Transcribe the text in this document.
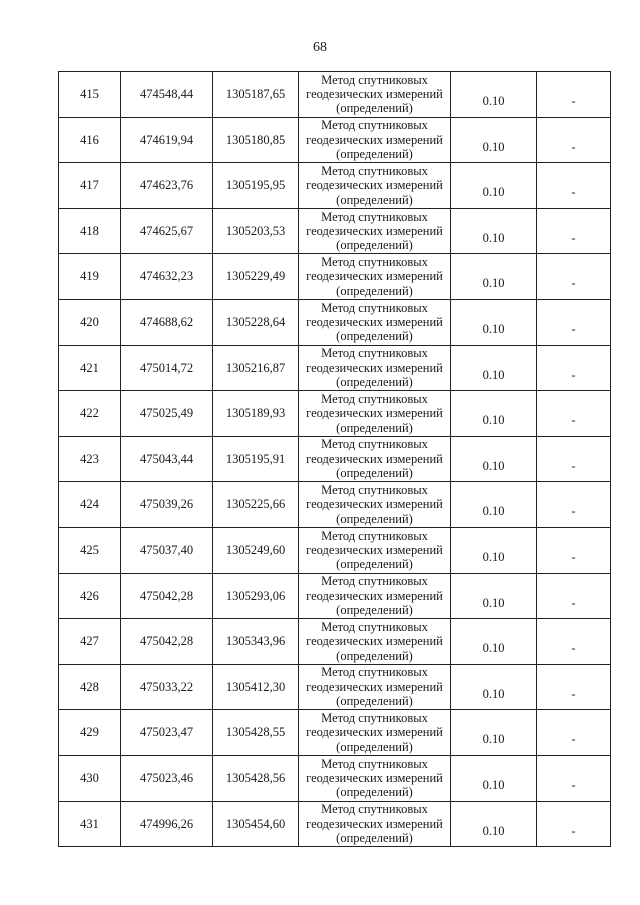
68
415	474548,44	1305187,65	Метод спутниковых
геодезических измерений
(определений)	0.10	-
416	474619,94	1305180,85	Метод спутниковых
геодезических измерений
(определений)	0.10	-
417	474623,76	1305195,95	Метод спутниковых
геодезических измерений
(определений)	0.10	-
418	474625,67	1305203,53	Метод спутниковых
геодезических измерений
(определений)	0.10	-
419	474632,23	1305229,49	Метод спутниковых
геодезических измерений
(определений)	0.10	-
420	474688,62	1305228,64	Метод спутниковых
геодезических измерений
(определений)	0.10	-
421	475014,72	1305216,87	Метод спутниковых
геодезических измерений
(определений)	0.10	-
422	475025,49	1305189,93	Метод спутниковых
геодезических измерений
(определений)	0.10	-
423	475043,44	1305195,91	Метод спутниковых
геодезических измерений
(определений)	0.10	-
424	475039,26	1305225,66	Метод спутниковых
геодезических измерений
(определений)	0.10	-
425	475037,40	1305249,60	Метод спутниковых
геодезических измерений
(определений)	0.10	-
426	475042,28	1305293,06	Метод спутниковых
геодезических измерений
(определений)	0.10	-
427	475042,28	1305343,96	Метод спутниковых
геодезических измерений
(определений)	0.10	-
428	475033,22	1305412,30	Метод спутниковых
геодезических измерений
(определений)	0.10	-
429	475023,47	1305428,55	Метод спутниковых
геодезических измерений
(определений)	0.10	-
430	475023,46	1305428,56	Метод спутниковых
геодезических измерений
(определений)	0.10	-
431	474996,26	1305454,60	Метод спутниковых
геодезических измерений
(определений)	0.10	-
